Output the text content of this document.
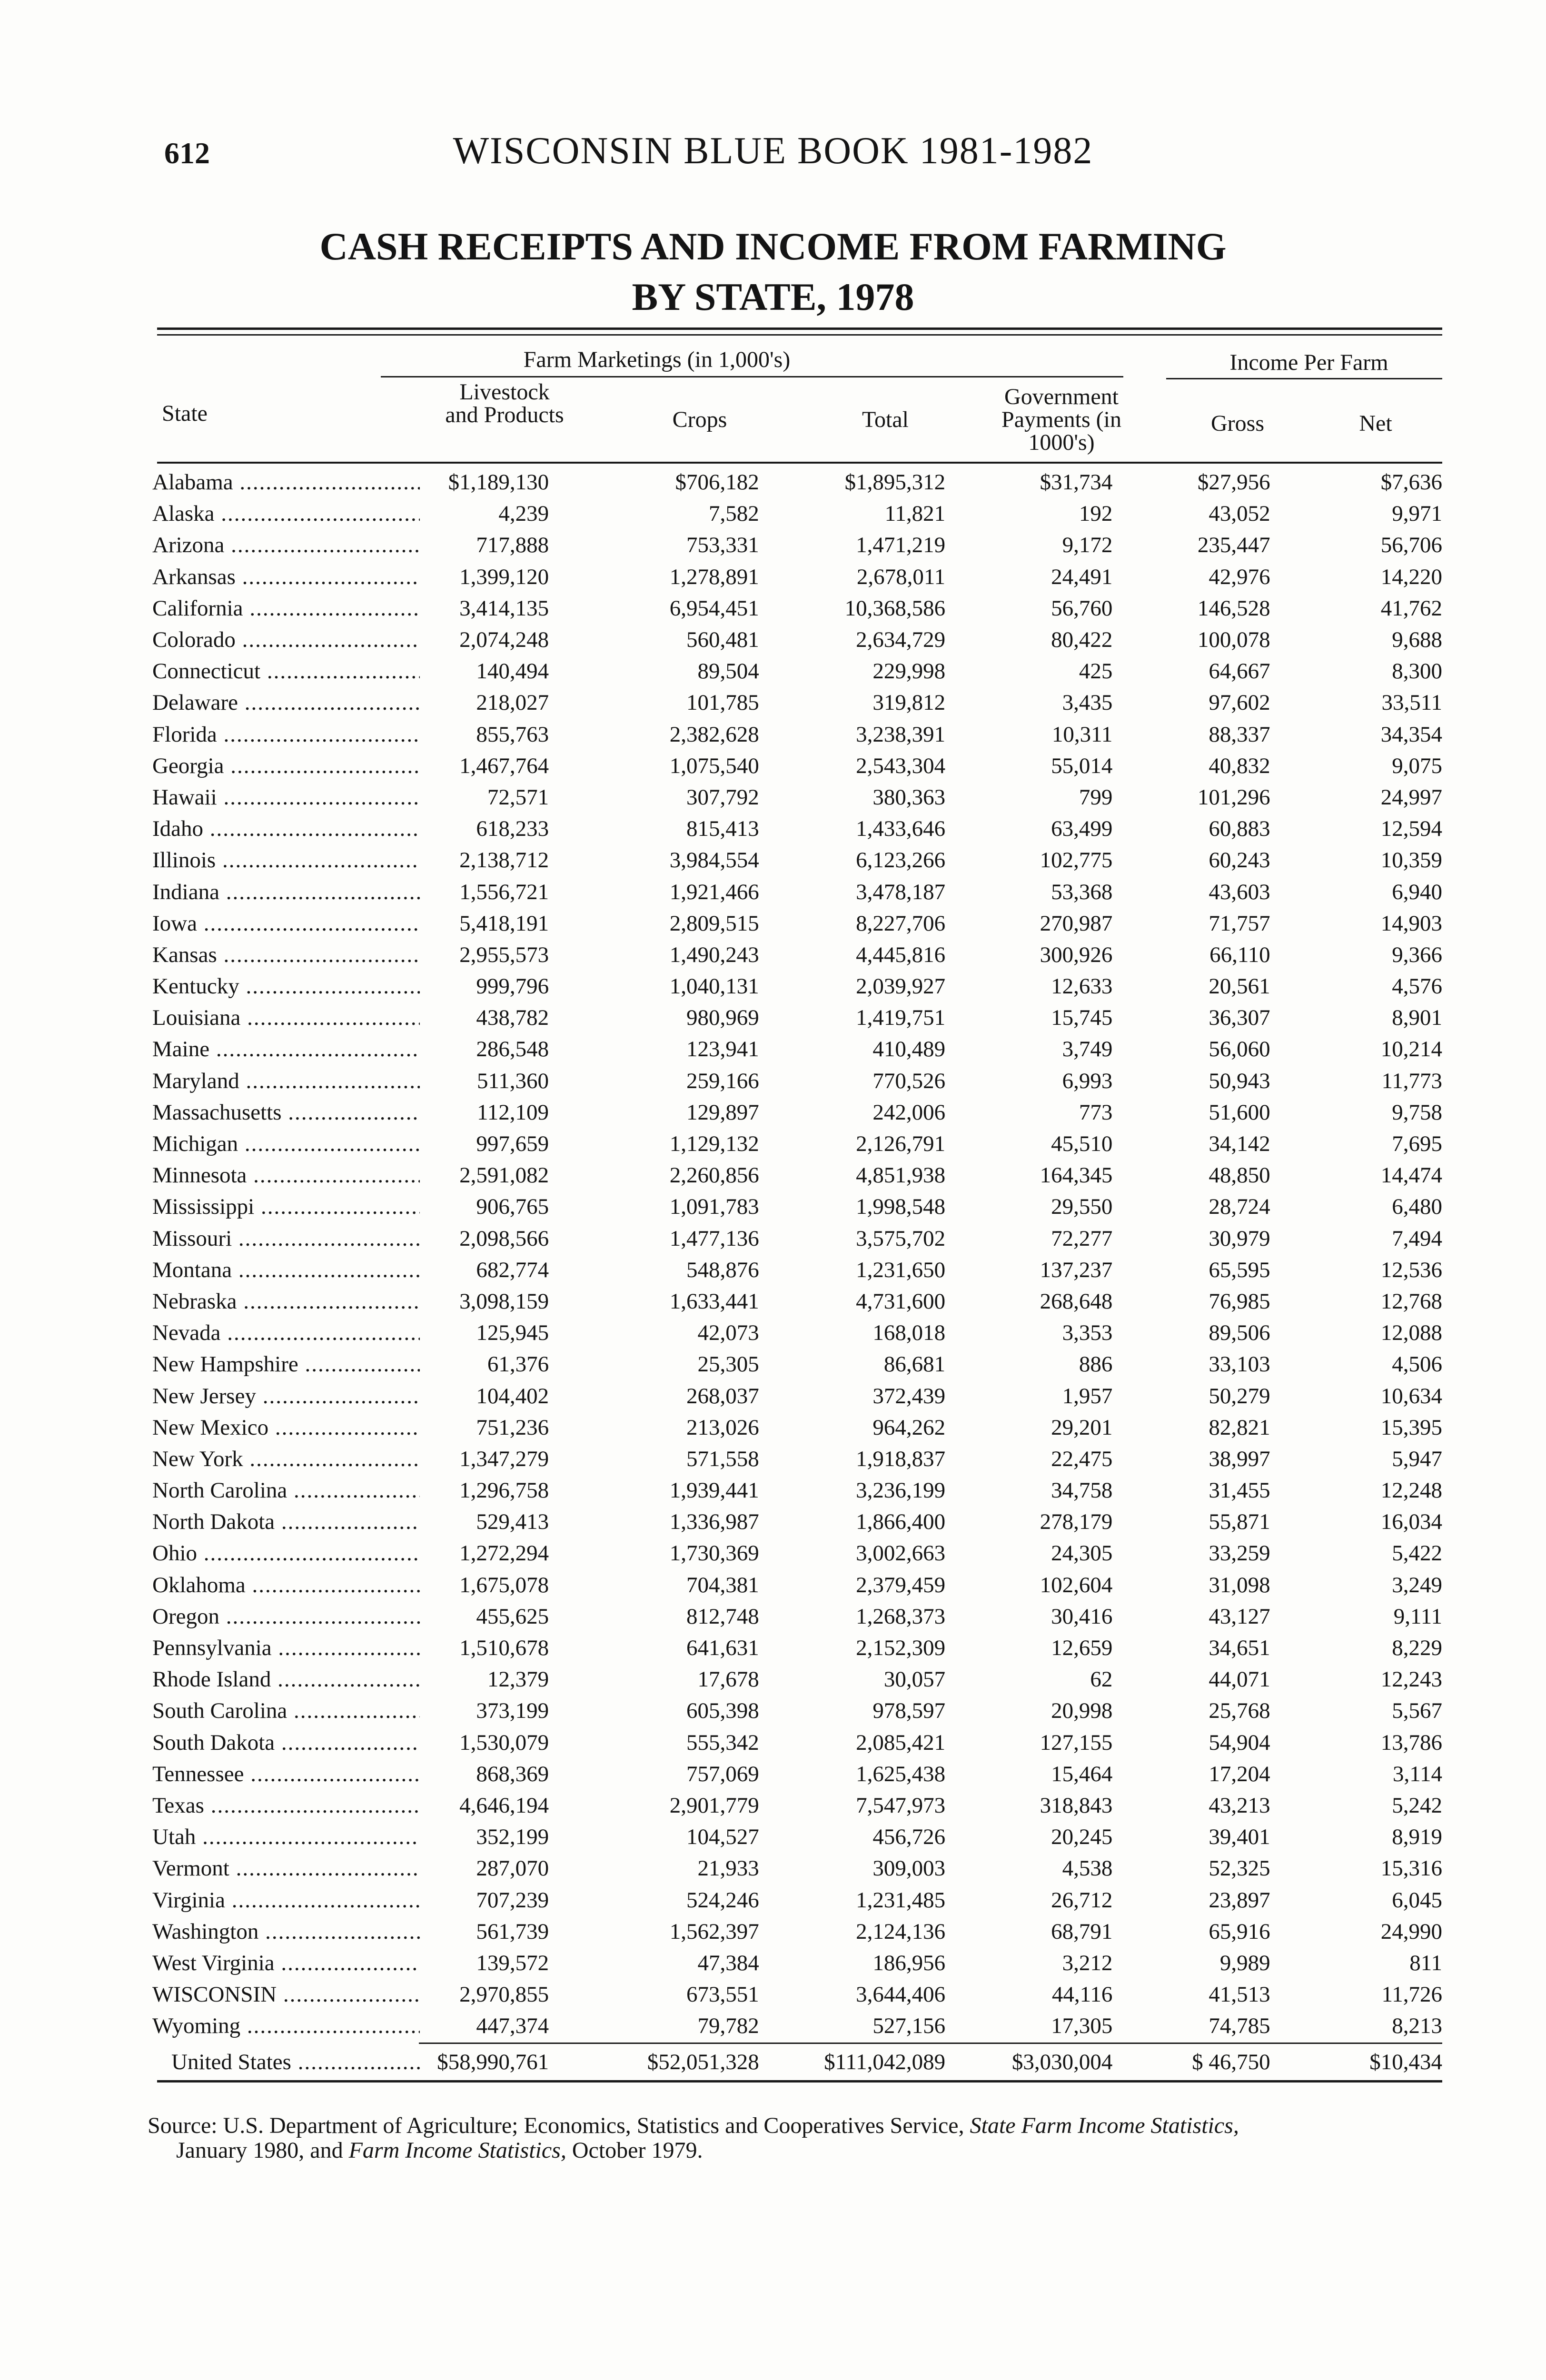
612	WISCONSIN BLUE BOOK 1981-1982
CASH RECEIPTS AND INCOME FROM FARMING
BY STATE, 1978
Farm Marketings (in 1,000's)	Income Per Farm
State
Livestock
and Products	Crops	Total
Government
Payments (in
1000's)
Gross	Net
Alabama .....	$1,189,130	$706,182	$1,895,312	$31,734	$27,956	$7,636
Alaska .....	4,239	7,582	11,821	192	43,052	9,971
Arizona .....	717,888	753,331	1,471,219	9,172	235,447	56,706
Arkansas .....	1,399,120	1,278,891	2,678,011	24,491	42,976	14,220
California .....	3,414,135	6,954,451	10,368,586	56,760	146,528	41,762
Colorado .....	2,074,248	560,481	2,634,729	80,422	100,078	9,688
Connecticut .....	140,494	89,504	229,998	425	64,667	8,300
Delaware .....	218,027	101,785	319,812	3,435	97,602	33,511
Florida .....	855,763	2,382,628	3,238,391	10,311	88,337	34,354
Georgia .....	1,467,764	1,075,540	2,543,304	55,014	40,832	9,075
Hawaii .....	72,571	307,792	380,363	799	101,296	24,997
Idaho .....	618,233	815,413	1,433,646	63,499	60,883	12,594
Illinois .....	2,138,712	3,984,554	6,123,266	102,775	60,243	10,359
Indiana .....	1,556,721	1,921,466	3,478,187	53,368	43,603	6,940
Iowa .....	5,418,191	2,809,515	8,227,706	270,987	71,757	14,903
Kansas .....	2,955,573	1,490,243	4,445,816	300,926	66,110	9,366
Kentucky .....	999,796	1,040,131	2,039,927	12,633	20,561	4,576
Louisiana .....	438,782	980,969	1,419,751	15,745	36,307	8,901
Maine .....	286,548	123,941	410,489	3,749	56,060	10,214
Maryland .....	511,360	259,166	770,526	6,993	50,943	11,773
Massachusetts .....	112,109	129,897	242,006	773	51,600	9,758
Michigan .....	997,659	1,129,132	2,126,791	45,510	34,142	7,695
Minnesota .....	2,591,082	2,260,856	4,851,938	164,345	48,850	14,474
Mississippi .....	906,765	1,091,783	1,998,548	29,550	28,724	6,480
Missouri .....	2,098,566	1,477,136	3,575,702	72,277	30,979	7,494
Montana .....	682,774	548,876	1,231,650	137,237	65,595	12,536
Nebraska .....	3,098,159	1,633,441	4,731,600	268,648	76,985	12,768
Nevada .....	125,945	42,073	168,018	3,353	89,506	12,088
New Hampshire .....	61,376	25,305	86,681	886	33,103	4,506
New Jersey .....	104,402	268,037	372,439	1,957	50,279	10,634
New Mexico .....	751,236	213,026	964,262	29,201	82,821	15,395
New York .....	1,347,279	571,558	1,918,837	22,475	38,997	5,947
North Carolina .....	1,296,758	1,939,441	3,236,199	34,758	31,455	12,248
North Dakota .....	529,413	1,336,987	1,866,400	278,179	55,871	16,034
Ohio .....	1,272,294	1,730,369	3,002,663	24,305	33,259	5,422
Oklahoma .....	1,675,078	704,381	2,379,459	102,604	31,098	3,249
Oregon .....	455,625	812,748	1,268,373	30,416	43,127	9,111
Pennsylvania .....	1,510,678	641,631	2,152,309	12,659	34,651	8,229
Rhode Island .....	12,379	17,678	30,057	62	44,071	12,243
South Carolina .....	373,199	605,398	978,597	20,998	25,768	5,567
South Dakota .....	1,530,079	555,342	2,085,421	127,155	54,904	13,786
Tennessee .....	868,369	757,069	1,625,438	15,464	17,204	3,114
Texas .....	4,646,194	2,901,779	7,547,973	318,843	43,213	5,242
Utah .....	352,199	104,527	456,726	20,245	39,401	8,919
Vermont .....	287,070	21,933	309,003	4,538	52,325	15,316
Virginia .....	707,239	524,246	1,231,485	26,712	23,897	6,045
Washington .....	561,739	1,562,397	2,124,136	68,791	65,916	24,990
West Virginia .....	139,572	47,384	186,956	3,212	9,989	811
WISCONSIN .....	2,970,855	673,551	3,644,406	44,116	41,513	11,726
Wyoming .....	447,374	79,782	527,156	17,305	74,785	8,213
United States .....	$58,990,761	$52,051,328	$111,042,089	$3,030,004	$ 46,750	$10,434
Source: U.S. Department of Agriculture; Economics, Statistics and Cooperatives Service, State Farm Income Statistics,
January 1980, and Farm Income Statistics, October 1979.
